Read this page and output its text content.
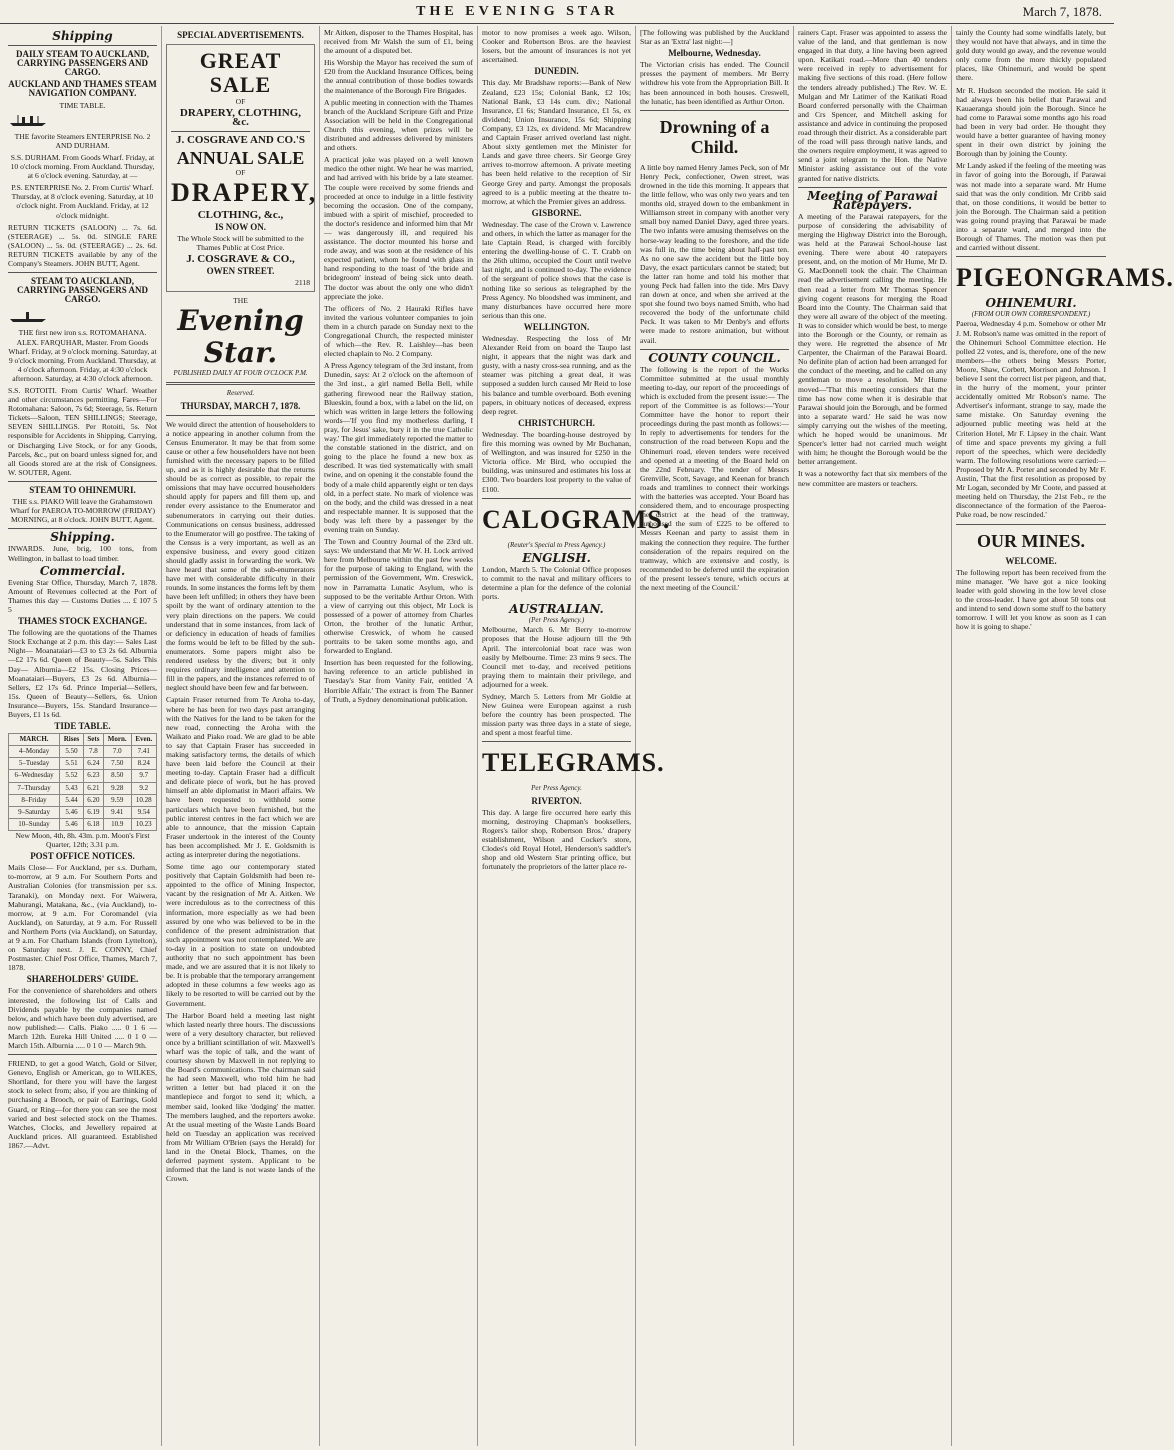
THE EVENING STAR	March 7, 1878.
Shipping
DAILY STEAM TO AUCKLAND, CARRYING PASSENGERS AND CARGO.
AUCKLAND AND THAMES STEAM NAVIGATION COMPANY.
TIME TABLE.

THE favorite Steamers ENTERPRISE No. 2 AND DURHAM.

S.S. DURHAM. From Goods Wharf. Friday, at 10 o'clock morning. From Auckland. Thursday, at 6 o'clock evening. Saturday, at —

P.S. ENTERPRISE No. 2. From Curtis' Wharf. Thursday, at 8 o'clock evening. Saturday, at 10 o'clock night. From Auckland. Friday, at 12 o'clock midnight.

RETURN TICKETS (SALOON) ... 7s. 6d. (STEERAGE) ... 5s. 0d. SINGLE FARE (SALOON) ... 5s. 0d. (STEERAGE) ... 2s. 6d. RETURN TICKETS available by any of the Company's Steamers. JOHN BUTT, Agent.

STEAM TO AUCKLAND, CARRYING PASSENGERS AND CARGO.

THE first new iron s.s. ROTOMAHANA. ALEX. FARQUHAR, Master. From Goods Wharf. Friday, at 9 o'clock morning. Saturday, at 9 o'clock morning. From Auckland. Thursday, at 4 o'clock afternoon. Friday, at 4:30 o'clock afternoon. Saturday, at 4:30 o'clock afternoon.

S.S. ROTOITI. From Curtis' Wharf. Weather and other circumstances permitting. Fares—For Rotomahana: Saloon, 7s 6d; Steerage, 5s. Return Tickets—Saloon, TEN SHILLINGS; Steerage, SEVEN SHILLINGS. Per Rotoiti, 5s. Not responsible for Accidents in Shipping, Carrying, or Discharging Live Stock, or for any Goods, Parcels, &c., put on board unless signed for, and all Goods stored are at the risk of Consignees. W. SOUTER, Agent.

STEAM TO OHINEMURI.

THE s.s. PIAKO Will leave the Grahamstown Wharf for PAEROA TO-MORROW (FRIDAY) MORNING, at 8 o'clock. JOHN BUTT, Agent.

Shipping.

INWARDS. June, brig, 100 tons, from Wellington, in ballast to load timber.

Commercial.

Evening Star Office, Thursday, March 7, 1878. Amount of Revenues collected at the Port of Thames this day — Customs Duties .... £ 107 5 5

THAMES STOCK EXCHANGE.

The following are the quotations of the Thames Stock Exchange at 2 p.m. this day:— Sales Last Night— Moanataiari—£3 to £3 2s 6d. Alburnia—£2 17s 6d. Queen of Beauty—5s. Sales This Day— Alburnia—£2 15s. Closing Prices— Moanataiari—Buyers, £3 2s 6d. Alburnia—Sellers, £2 17s 6d. Prince Imperial—Sellers, 15s. Queen of Beauty—Sellers, 6s. Union Insurance—Buyers, 15s. Standard Insurance—Buyers, £1 1s 6d.

TIDE TABLE.
MARCH.	Rises	Sets	Morn.	Even.
4–Monday	5.50	7.8	7.0	7.41
5–Tuesday	5.51	6.24	7.50	8.24
6–Wednesday	5.52	6.23	8.50	9.7
7–Thursday	5.43	6.21	9.28	9.2
8–Friday	5.44	6.20	9.59	10.28
9–Saturday	5.46	6.19	9.41	9.54
10–Sunday	5.46	6.18	10.9	10.23

New Moon, 4th, 8h. 43m. p.m. Moon's First Quarter, 12th; 3.31 p.m.

POST OFFICE NOTICES.

Mails Close— For Auckland, per s.s. Durham, to-morrow, at 9 a.m. For Southern Ports and Australian Colonies (for transmission per s.s. Taranaki), on Monday next. For Waiwera, Mahurangi, Matakana, &c., (via Auckland), to-morrow, at 9 a.m. For Coromandel (via Auckland), on Saturday, at 9 a.m. For Russell and Northern Ports (via Auckland), on Saturday, at 9 a.m. For Chatham Islands (from Lyttelton), on Saturday next. J. E. CONNY, Chief Postmaster. Chief Post Office, Thames, March 7, 1878.

SHAREHOLDERS' GUIDE.

For the convenience of shareholders and others interested, the following list of Calls and Dividends payable by the companies named below, and which have been duly advertised, are now published:— Calls. Piako ..... 0 1 6 — March 12th. Eureka Hill United ..... 0 1 0 — March 15th. Alburnia ..... 0 1 0 — March 9th.

FRIEND, to get a good Watch, Gold or Silver, Genevo, English or American, go to WILKES, Shortland, for there you will have the largest stock to select from; also, if you are thinking of purchasing a Brooch, or pair of Earrings, Gold Guard, or Ring—for there you can see the most varied and best selected stock on the Thames. Watches, Clocks, and Jewellery repaired at Auckland prices. All guaranteed. Established 1867.—Advt.

SPECIAL ADVERTISEMENTS.
GREAT SALE
OF
DRAPERY, CLOTHING, &c.
J. COSGRAVE AND CO.'S
ANNUAL SALE
OF
DRAPERY,
CLOTHING, &c.,
IS NOW ON.

The Whole Stock will be submitted to the Thames Public at Cost Price.

J. COSGRAVE & CO.,
OWEN STREET.
2118
THE
Evening Star.
PUBLISHED DAILY AT FOUR O'CLOCK P.M.
Reserved.
THURSDAY, MARCH 7, 1878.

We would direct the attention of householders to a notice appearing in another column from the Census Enumerator. It may be that from some cause or other a few householders have not been furnished with the necessary papers to be filled up, and as it is highly desirable that the returns should be as correct as possible, to repair the omissions that may have occurred householders should apply for papers and fill them up, and render every assistance to the Enumerator and subenumerators in carrying out their duties. Communications on census business, addressed to the Enumerator will go postfree. The taking of the Census is a very important, as well as an expensive business, and every good citizen should gladly assist in forwarding the work. We have heard that some of the sub-enumerators have met with considerable difficulty in their rounds. In some instances the forms left by them have been left unfilled; in others they have been spoilt by the want of ordinary attention to the very plain directions on the papers. We could understand that in some instances, from lack of or deficiency in education of heads of families the forms would be left to be filled by the sub-enumerators. Some papers might also be rendered useless by the divers; but it only requires ordinary intelligence and attention to fill in the papers, and the instances referred to of neglect should have been few and far between.

Captain Fraser returned from Te Aroha to-day, where he has been for two days past arranging with the Natives for the land to be taken for the new road, connecting the Aroha with the Waikato and Piako road. We are glad to be able to say that Captain Fraser has succeeded in making satisfactory terms, the details of which have been laid before the Council at their meeting to-day. Captain Fraser had a difficult and delicate piece of work, but he has proved himself an able diplomatist in Maori affairs. We have been requested to withhold some particulars which have been furnished, but the public interest centres in the fact which we are able to announce, that the mission Captain Fraser undertook in the interest of the County has been accomplished. Mr J. E. Goldsmith is acting as interpreter during the negotiations.

Some time ago our contemporary stated positively that Captain Goldsmith had been re-appointed to the office of Mining Inspector, vacant by the resignation of Mr A. Aitken. We were incredulous as to the correctness of this information, more especially as we had been assured by one who was believed to be in the confidence of the present administration that such appointment was not contemplated. We are to-day in a position to state on undoubted authority that no such appointment has been made, and we are assured that it is not likely to be. It is probable that the temporary arrangement adopted in these columns a few weeks ago as likely to be resorted to will be carried out by the Government.

The Harbor Board held a meeting last night which lasted nearly three hours. The discussions were of a very desultory character, but relieved once by a brilliant scintillation of wit. Maxwell's wharf was the topic of talk, and the want of courtesy shown by Maxwell in not replying to the Board's communications. The chairman said he had seen Maxwell, who told him he had written a letter but had placed it on the mantlepiece and forgot to send it; which, a member said, looked like 'dodging' the matter. The members laughed, and the reporters awoke. At the usual meeting of the Waste Lands Board held on Tuesday an application was received from Mr William O'Brien (says the Herald) for land in the Onetai Block, Thames, on the deferred payment system. Applicant to be informed that the land is not waste lands of the Crown.

Mr Aitken, disposer to the Thames Hospital, has received from Mr Walsh the sum of £1, being the amount of a disputed bet.

His Worship the Mayor has received the sum of £20 from the Auckland Insurance Offices, being the annual contribution of those bodies towards the maintenance of the Borough Fire Brigades.

A public meeting in connection with the Thames branch of the Auckland Scripture Gift and Prize Association will be held in the Congregational Church this evening, when prizes will be distributed and addresses delivered by ministers and others.

A practical joke was played on a well known medico the other night. We hear he was married, and had arrived with his bride by a late steamer. The couple were received by some friends and proceeded at once to indulge in a little festivity becoming the occasion. One of the company, imbued with a spirit of mischief, proceeded to the doctor's residence and informed him that Mr — was dangerously ill, and required his assistance. The doctor mounted his horse and rode away, and was soon at the residence of his expected patient, whom he found with glass in hand responding to the toast of 'the bride and bridegroom' instead of being sick unto death. The doctor was about the only one who didn't appreciate the joke.

The officers of No. 2 Hauraki Rifles have invited the various volunteer companies to join them in a church parade on Sunday next to the Congregational Church, the respected minister of which—the Rev. R. Laishley—has been elected chaplain to No. 2 Company.

A Press Agency telegram of the 3rd instant, from Dunedin, says: At 2 o'clock on the afternoon of the 3rd inst., a girl named Bella Bell, while gathering firewood near the Railway station, Blueskin, found a box, with a label on the lid, on which was written in large letters the following words—'If you find my motherless darling, I pray, for Jesus' sake, bury it in the true Catholic way.' The girl immediately reported the matter to the constable stationed in the district, and on going to the place he found a new box as described. It was tied systematically with small twine, and on opening it the constable found the body of a male child apparently eight or ten days old, in a perfect state. No mark of violence was on the body, and the child was dressed in a neat and respectable manner. It is supposed that the body was left there by a passenger by the evening train on Sunday.

The Town and Country Journal of the 23rd ult. says: We understand that Mr W. H. Lock arrived here from Melbourne within the past few weeks for the purpose of taking to England, with the permission of the Government, Wm. Creswick, now in Parramatta Lunatic Asylum, who is supposed to be the veritable Arthur Orton. With a view of carrying out this object, Mr Lock is possessed of a power of attorney from Charles Orton, the brother of the lunatic Arthur, otherwise Creswick, of whom he caused portraits to be taken some months ago, and forwarded to England.

Insertion has been requested for the following, having reference to an article published in Tuesday's Star from Vanity Fair, entitled 'A Horrible Affair.' The extract is from The Banner of Truth, a Sydney denominational publication.

motor to now promises a week ago. Wilson, Cooker and Robertson Bros. are the heaviest losers, but the amount of insurances is not yet ascertained.

DUNEDIN.

This day. Mr Bradshaw reports:—Bank of New Zealand, £23 15s; Colonial Bank, £2 10s; National Bank, £3 14s cum. div.; National Insurance, £1 6s; Standard Insurance, £1 5s, ex dividend; Union Insurance, 15s 6d; Shipping Company, £3 12s, ex dividend. Mr Macandrew and Captain Fraser arrived overland last night. About sixty gentlemen met the Minister for Lands and gave three cheers. Sir George Grey arrives to-morrow afternoon. A private meeting has been held relative to the reception of Sir George Grey and party. Amongst the proposals agreed to is a public meeting at the theatre to-morrow, at which the Premier gives an address.

GISBORNE.

Wednesday. The case of the Crown v. Lawrence and others, in which the latter as manager for the late Captain Read, is charged with forcibly entering the dwelling-house of C. T. Crabb on the 26th ultimo, occupied the Court until twelve last night, and is continued to-day. The evidence of the sergeant of police shows that the case is nothing like so serious as telegraphed by the Press Agency. No bloodshed was imminent, and many disturbances have occurred here more serious than this one.

WELLINGTON.

Wednesday. Respecting the loss of Mr Alexander Reid from on board the Taupo last night, it appears that the night was dark and gusty, with a nasty cross-sea running, and as the steamer was pitching a great deal, it was supposed a sudden lurch caused Mr Reid to lose his balance and tumble overboard. Both evening papers, in obituary notices of deceased, express deep regret.

CHRISTCHURCH.

Wednesday. The boarding-house destroyed by fire this morning was owned by Mr Buchanan, of Wellington, and was insured for £250 in the Victoria office. Mr Bird, who occupied the building, was uninsured and estimates his loss at £300. Two boarders lost property to the value of £100.

CALOGRAMS.
(Reuter's Special to Press Agency.)
ENGLISH.

London, March 5. The Colonial Office proposes to commit to the naval and military officers to determine a plan for the defence of the colonial ports.

AUSTRALIAN.
(Per Press Agency.)

Melbourne, March 6. Mr Berry to-morrow proposes that the House adjourn till the 9th April. The intercolonial boat race was won easily by Melbourne. Time: 23 mins 9 secs. The Council met to-day, and received petitions praying them to maintain their privilege, and adjourned for a week.

Sydney, March 5. Letters from Mr Goldie at New Guinea were European against a rush before the country has been prospected. The mission party was three days in a state of siege, and spent a most fearful time.

TELEGRAMS.
Per Press Agency.
RIVERTON.

This day. A large fire occurred here early this morning, destroying Chapman's booksellers, Rogers's tailor shop, Robertson Bros.' drapery establishment, Wilson and Cocker's store, Clodes's old Royal Hotel, Henderson's saddler's shop and old Western Star printing office, but fortunately the proprietors of the latter place re-

[The following was published by the Auckland Star as an 'Extra' last night:—]

Melbourne, Wednesday.

The Victorian crisis has ended. The Council presses the payment of members. Mr Berry withdrew his vote from the Appropriation Bill. It has been announced in both houses. Creswell, the lunatic, has been identified as Arthur Orton.

Drowning of a Child.

A little boy named Henry James Peck, son of Mr Henry Peck, confectioner, Owen street, was drowned in the tide this morning. It appears that the little fellow, who was only two years and ten months old, strayed down to the embankment in Williamson street in company with another very small boy named Daniel Davy, aged three years. The two infants were amusing themselves on the horse-way leading to the foreshore, and the tide was full in, the time being about half-past ten. As no one saw the accident but the little boy Davy, the exact particulars cannot be stated; but the latter ran home and told his mother that young Peck had fallen into the tide. Mrs Davy ran down at once, and when she arrived at the spot she found two boys named Smith, who had recovered the body of the unfortunate child Peck. It was taken to Mr Denby's and efforts were made to restore animation, but without avail.

COUNTY COUNCIL.

The following is the report of the Works Committee submitted at the usual monthly meeting to-day, our report of the proceedings of which is excluded from the present issue:— The report of the Committee is as follows:—'Your Committee have the honor to report their proceedings during the past month as follows:—In reply to advertisements for tenders for the construction of the road between Kopu and the Ohinemuri road, eleven tenders were received and opened at a meeting of the Board held on the 22nd February. The tender of Messrs Grenville, Scott, Savage, and Keenan for branch roads and tramlines to connect their workings with the batteries was accepted. Your Board has considered them, and to encourage prospecting the district at the head of the tramway, authorised the sum of £225 to be offered to Messrs Keenan and party to assist them in making the connection they require. The further consideration of the repairs required on the tramway, which are extensive and costly, is recommended to be deferred until the expiration of the present lessee's tenure, which occurs at the next meeting of the Council.'

rainers Capt. Fraser was appointed to assess the value of the land, and that gentleman is now engaged in that duty, a line having been agreed upon. Katikati road.—More than 40 tenders were received in reply to advertisement for making five sections of this road. (Here follow the tenders already published.) The Rev. W. E. Mulgan and Mr Latimer of the Katikati Road Board conferred personally with the Chairman and Crs Spencer, and Mitchell asking for assistance and advice in continuing the proposed road through their district. As a considerable part of the road will pass through native lands, and the owners require employment, it was agreed to send a joint telegram to the Hon. the Native Minister asking assistance out of the vote granted for native districts.

Meeting of Parawai Ratepayers.

A meeting of the Parawai ratepayers, for the purpose of considering the advisability of merging the Highway District into the Borough, was held at the Parawai School-house last evening. There were about 40 ratepayers present, and, on the motion of Mr Hume, Mr D. G. MacDonnell took the chair. The Chairman read the advertisement calling the meeting. He then read a letter from Mr Thomas Spencer giving cogent reasons for merging the Road Board into the County. The Chairman said that they were all aware of the object of the meeting. It was to consider which would be best, to merge into the Borough or the County, or remain as they were. He regretted the absence of Mr Carpenter, the Chairman of the Parawai Board. No definite plan of action had been arranged for the conduct of the meeting, and he called on any gentleman to move a resolution. Mr Hume moved—'That this meeting considers that the time has now come when it is desirable that Parawai should join the Borough, and be formed into a separate ward.' He said he was now simply carrying out the wishes of the meeting, which he hoped would be unanimous. Mr Spencer's letter had not carried much weight with him; he thought the Borough would be the better arrangement.

It was a noteworthy fact that six members of the new committee are masters or teachers.

tainly the County had some windfalls lately, but they would not have that always, and in time the gold duty would go away, and the revenue would only come from the more thickly populated places, like Ohinemuri, and would be spent there.

Mr R. Hudson seconded the motion. He said it had always been his belief that Parawai and Kauaeranga should join the Borough. Since he had come to Parawai some months ago his road had been in very bad order. He thought they would have a better guarantee of having money spent in their own district by joining the Borough than by joining the County.

Mr Landy asked if the feeling of the meeting was in favor of going into the Borough, if Parawai was not made into a separate ward. Mr Hume said that was the only condition. Mr Cribb said that, on those conditions, it would be better to join the Borough. The Chairman said a petition was going round praying that Parawai be made into a separate ward, and merged into the Borough of Thames. The motion was then put and carried without dissent.

PIGEONGRAMS.
OHINEMURI.
(FROM OUR OWN CORRESPONDENT.)

Paeroa, Wednesday 4 p.m. Somehow or other Mr J. M. Robson's name was omitted in the report of the Ohinemuri School Committee election. He polled 22 votes, and is, therefore, one of the new members—the others being Messrs Porter, Moore, Shaw, Corbett, Morrison and Johnson. I believe I sent the correct list per pigeon, and that, in the hurry of the moment, your printer accidentally omitted Mr Robson's name. The Advertiser's informant, strange to say, made the same mistake. On Saturday evening the adjourned public meeting was held at the Criterion Hotel, Mr F. Lipsey in the chair. Want of time and space prevents my giving a full report of the speeches, which were decidedly warm. The following resolutions were carried:—Proposed by Mr A. Porter and seconded by Mr F. Austin, 'That the first resolution as proposed by Mr Logan, seconded by Mr Coote, and passed at meeting held on Thursday, the 21st Feb., re the disconnectance of the formation of the Paeroa-Puke road, be now rescinded.'

OUR MINES.
WELCOME.

The following report has been received from the mine manager. 'We have got a nice looking leader with gold showing in the low level close to the cross-leader. I have got about 50 tons out and intend to send down some stuff to the battery tomorrow. I will let you know as soon as I can how it is going to shape.'
